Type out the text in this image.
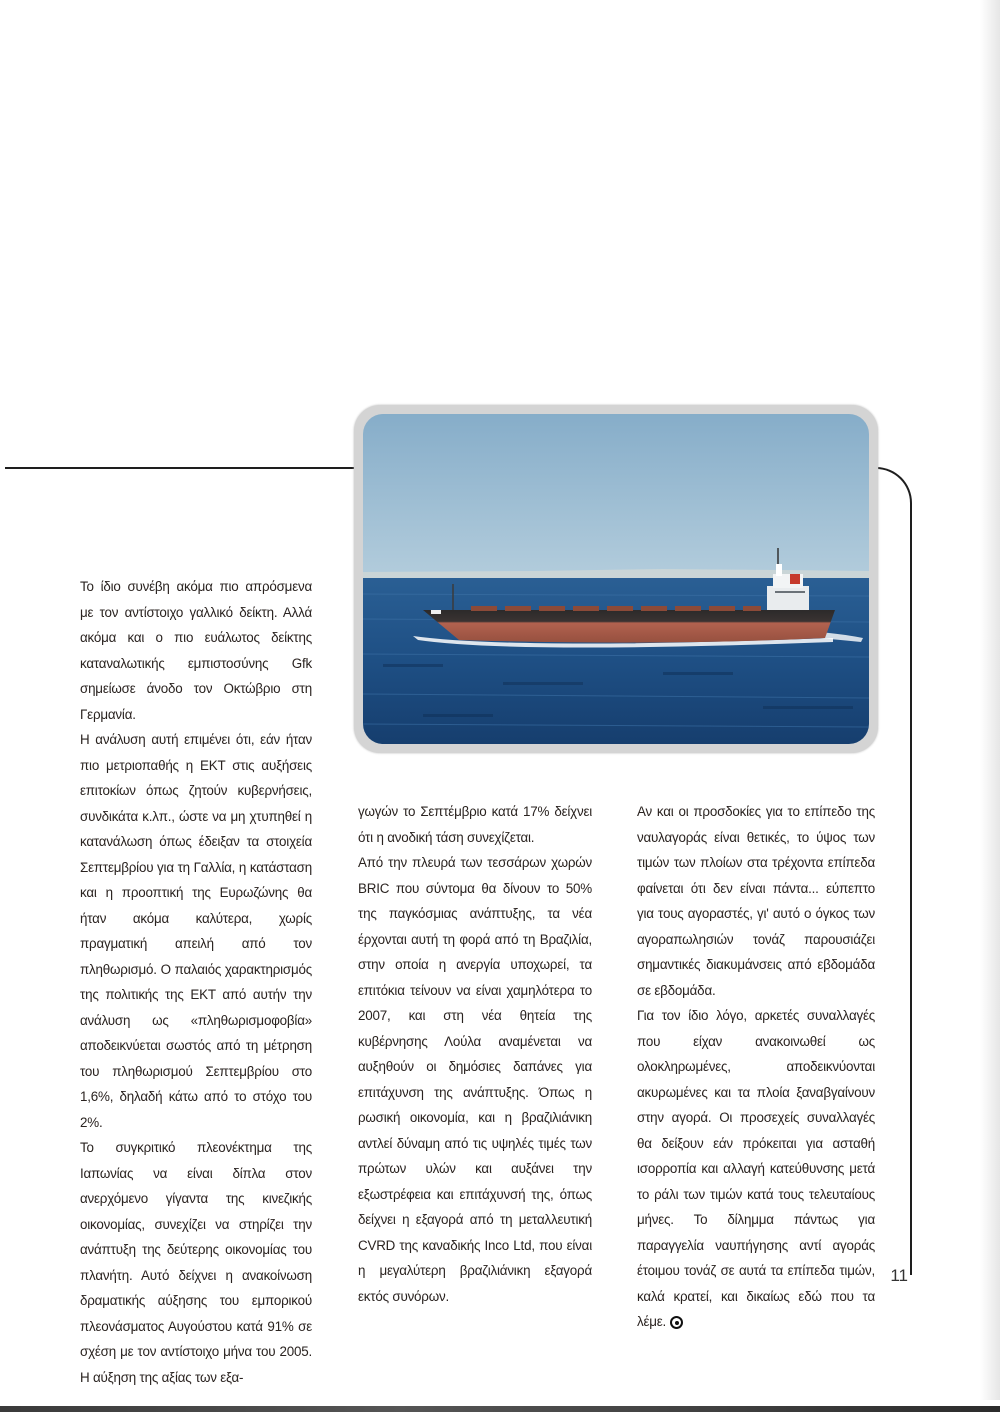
Το ίδιο συνέβη ακόμα πιο απρόσμενα με τον αντίστοιχο γαλλικό δείκτη. Αλλά ακόμα και ο πιο ευάλωτος δείκτης καταναλωτικής εμπιστοσύνης Gfk σημείωσε άνοδο τον Οκτώβριο στη Γερμανία.

Η ανάλυση αυτή επιμένει ότι, εάν ήταν πιο μετριοπαθής η ΕΚΤ στις αυξήσεις επιτοκίων όπως ζητούν κυβερνήσεις, συνδικάτα κ.λπ., ώστε να μη χτυπηθεί η κατανάλωση όπως έδειξαν τα στοιχεία Σεπτεμβρίου για τη Γαλλία, η κατάσταση και η προοπτική της Ευρωζώνης θα ήταν ακόμα καλύτερα, χωρίς πραγματική απειλή από τον πληθωρισμό. Ο παλαιός χαρακτηρισμός της πολιτικής της ΕΚΤ από αυτήν την ανάλυση ως «πληθωρισμοφοβία» αποδεικνύεται σωστός από τη μέτρηση του πληθωρισμού Σεπτεμβρίου στο 1,6%, δηλαδή κάτω από το στόχο του 2%.

Το συγκριτικό πλεονέκτημα της Ιαπωνίας να είναι δίπλα στον ανερχόμενο γίγαντα της κινεζικής οικονομίας, συνεχίζει να στηρίζει την ανάπτυξη της δεύτερης οικονομίας του πλανήτη. Αυτό δείχνει η ανακοίνωση δραματικής αύξησης του εμπορικού πλεονάσματος Αυγούστου κατά 91% σε σχέση με τον αντίστοιχο μήνα του 2005. Η αύξηση της αξίας των εξα-

γωγών το Σεπτέμβριο κατά 17% δείχνει ότι η ανοδική τάση συνεχίζεται.

Από την πλευρά των τεσσάρων χωρών BRIC που σύντομα θα δίνουν το 50% της παγκόσμιας ανάπτυξης, τα νέα έρχονται αυτή τη φορά από τη Βραζιλία, στην οποία η ανεργία υποχωρεί, τα επιτόκια τείνουν να είναι χαμηλότερα το 2007, και στη νέα θητεία της κυβέρνησης Λούλα αναμένεται να αυξηθούν οι δημόσιες δαπάνες για επιτάχυνση της ανάπτυξης. Όπως η ρωσική οικονομία, και η βραζιλιάνικη αντλεί δύναμη από τις υψηλές τιμές των πρώτων υλών και αυξάνει την εξωστρέφεια και επιτάχυνσή της, όπως δείχνει η εξαγορά από τη μεταλλευτική CVRD της καναδικής Inco Ltd, που είναι η μεγαλύτερη βραζιλιάνικη εξαγορά εκτός συνόρων.

Αν και οι προσδοκίες για το επίπεδο της ναυλαγοράς είναι θετικές, το ύψος των τιμών των πλοίων στα τρέχοντα επίπεδα φαίνεται ότι δεν είναι πάντα... εύπεπτο για τους αγοραστές, γι' αυτό ο όγκος των αγοραπωλησιών τονάζ παρουσιάζει σημαντικές διακυμάνσεις από εβδομάδα σε εβδομάδα.

Για τον ίδιο λόγο, αρκετές συναλλαγές που είχαν ανακοινωθεί ως ολοκληρωμένες, αποδεικνύονται ακυρωμένες και τα πλοία ξαναβγαίνουν στην αγορά. Οι προσεχείς συναλλαγές θα δείξουν εάν πρόκειται για ασταθή ισορροπία και αλλαγή κατεύθυνσης μετά το ράλι των τιμών κατά τους τελευταίους μήνες. Το δίλημμα πάντως για παραγγελία ναυπήγησης αντί αγοράς έτοιμου τονάζ σε αυτά τα επίπεδα τιμών, καλά κρατεί, και δικαίως εδώ που τα λέμε.

11
